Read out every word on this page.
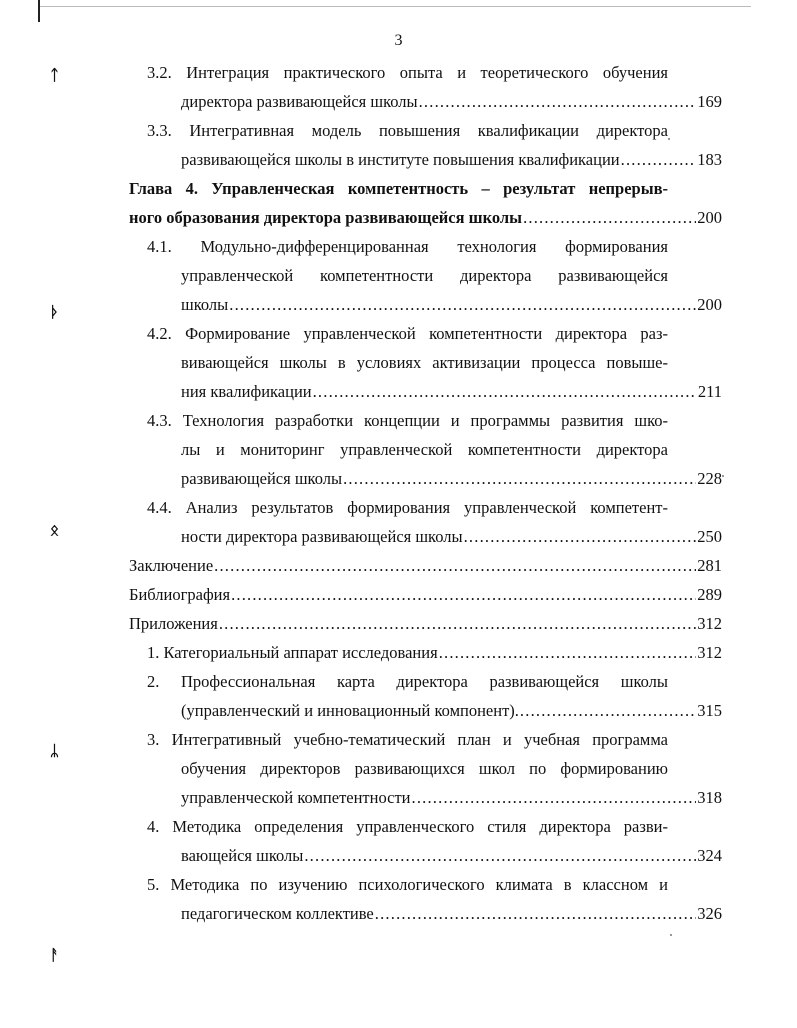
3
ᛏ
ᚦ
ᛟ
ᛦ
ᚨ
3.2. Интеграция практического опыта и теоретического обучения
директора развивающейся школы .....	169
3.3. Интегративная модель повышения квалификации директора
развивающейся школы в институте повышения квалификации .....	183
Глава 4. Управленческая компетентность – результат непрерыв-
ного образования директора развивающейся школы .....	200
4.1. Модульно-дифференцированная технология формирования
управленческой компетентности директора развивающейся
школы .....	200
4.2. Формирование управленческой компетентности директора раз-
вивающейся школы в условиях активизации процесса повыше-
ния квалификации .....	211
4.3. Технология разработки концепции и программы развития шко-
лы и мониторинг управленческой компетентности директора
развивающейся школы .....	228
4.4. Анализ результатов формирования управленческой компетент-
ности директора развивающейся школы .....	250
Заключение .....	281
Библиография .....	289
Приложения .....	312
1. Категориальный аппарат исследования .....	312
2. Профессиональная карта директора развивающейся школы
(управленческий и инновационный компонент). .....	315
3. Интегративный учебно-тематический план и учебная программа
обучения директоров развивающихся школ по формированию
управленческой компетентности .....	318
4. Методика определения управленческого стиля директора разви-
вающейся школы .....	324
5. Методика по изучению психологического климата в классном и
педагогическом коллективе .....	326
